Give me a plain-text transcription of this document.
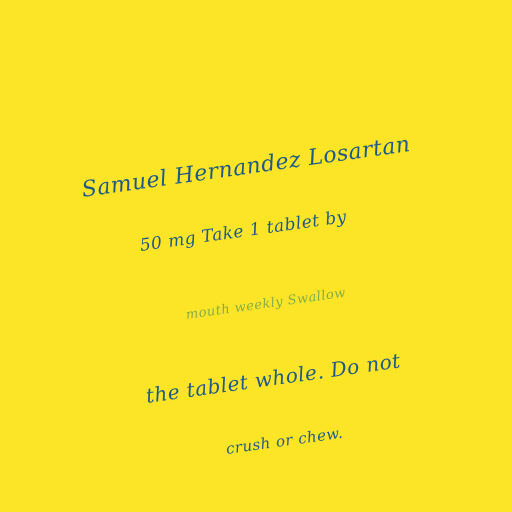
Samuel Hernandez Losartan
50 mg Take 1 tablet by
mouth weekly Swallow
the tablet whole. Do not
crush or chew.
